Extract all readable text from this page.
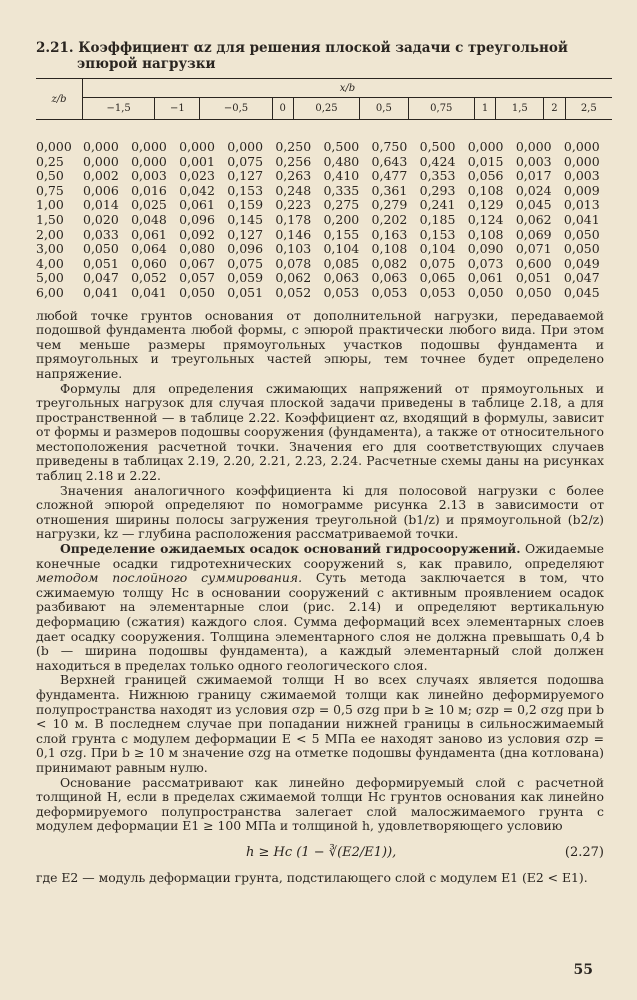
2.21. Коэффициент αz для решения плоской задачи с треугольной
эпюрой нагрузки
z/b	x/b										
	−1,5	−1	−0,5	0	0,25	0,5	0,75	1	1,5	2	2,5
0,000 0,000 0,000 0,000 0,000 0,250 0,500 0,750 0,500 0,000 0,000 0,000
0,25	0,000 0,000 0,001 0,075 0,256 0,480 0,643 0,424 0,015 0,003 0,000
0,50	0,002 0,003 0,023 0,127 0,263 0,410 0,477 0,353 0,056 0,017 0,003
0,75	0,006 0,016 0,042 0,153 0,248 0,335 0,361 0,293 0,108 0,024 0,009
1,00	0,014 0,025 0,061 0,159 0,223 0,275 0,279 0,241 0,129 0,045 0,013
1,50	0,020 0,048 0,096 0,145 0,178 0,200 0,202 0,185 0,124 0,062 0,041
2,00	0,033 0,061 0,092 0,127 0,146 0,155 0,163 0,153 0,108 0,069 0,050
3,00	0,050 0,064 0,080 0,096 0,103 0,104 0,108 0,104 0,090 0,071 0,050
4,00	0,051 0,060 0,067 0,075 0,078 0,085 0,082 0,075 0,073 0,600 0,049
5,00	0,047 0,052 0,057 0,059 0,062 0,063 0,063 0,065 0,061 0,051 0,047
6,00	0,041 0,041 0,050 0,051 0,052 0,053 0,053 0,053 0,050 0,050 0,045

любой точке грунтов основания от дополнительной нагрузки, передаваемой подошвой фундамента любой формы, с эпюрой практически любого вида. При этом чем меньше размеры прямоугольных участков подошвы фундамента и прямоугольных и треугольных частей эпюры, тем точнее будет определено напряжение.

Формулы для определения сжимающих напряжений от прямоугольных и треугольных нагрузок для случая плоской задачи приведены в таблице 2.18, а для пространственной — в таблице 2.22. Коэффициент αz, входящий в формулы, зависит от формы и размеров подошвы сооружения (фундамента), а также от относительного местоположения расчетной точки. Значения его для соответствующих случаев приведены в таблицах 2.19, 2.20, 2.21, 2.23, 2.24. Расчетные схемы даны на рисунках таблиц 2.18 и 2.22.

Значения аналогичного коэффициента ki для полосовой нагрузки с более сложной эпюрой определяют по номограмме рисунка 2.13 в зависимости от отношения ширины полосы загружения треугольной (b1/z) и прямоугольной (b2/z) нагрузки, kz — глубина расположения рассматриваемой точки.

Определение ожидаемых осадок оснований гидросооружений. Ожидаемые конечные осадки гидротехнических сооружений s, как правило, определяют методом послойного суммирования. Суть метода заключается в том, что сжимаемую толщу Hc в основании сооружений с активным проявлением осадок разбивают на элементарные слои (рис. 2.14) и определяют вертикальную деформацию (сжатия) каждого слоя. Сумма деформаций всех элементарных слоев дает осадку сооружения. Толщина элементарного слоя не должна превышать 0,4 b (b — ширина подошвы фундамента), а каждый элементарный слой должен находиться в пределах только одного геологического слоя.

Верхней границей сжимаемой толщи H во всех случаях является подошва фундамента. Нижнюю границу сжимаемой толщи как линейно деформируемого полупространства находят из условия σzp = 0,5 σzg при b ≥ 10 м; σzp = 0,2 σzg при b < 10 м. В последнем случае при попадании нижней границы в сильносжимаемый слой грунта с модулем деформации E < 5 МПа ее находят заново из условия σzp = 0,1 σzg. При b ≥ 10 м значение σzg на отметке подошвы фундамента (дна котлована) принимают равным нулю.

Основание рассматривают как линейно деформируемый слой с расчетной толщиной H, если в пределах сжимаемой толщи Hc грунтов основания как линейно деформируемого полупространства залегает слой малосжимаемого грунта с модулем деформации E1 ≥ 100 МПа и толщиной h, удовлетворяющего условию

h ≥ Hc (1 − ∛(E2/E1)),	(2.27)

где E2 — модуль деформации грунта, подстилающего слой с модулем E1 (E2 < E1).

55
